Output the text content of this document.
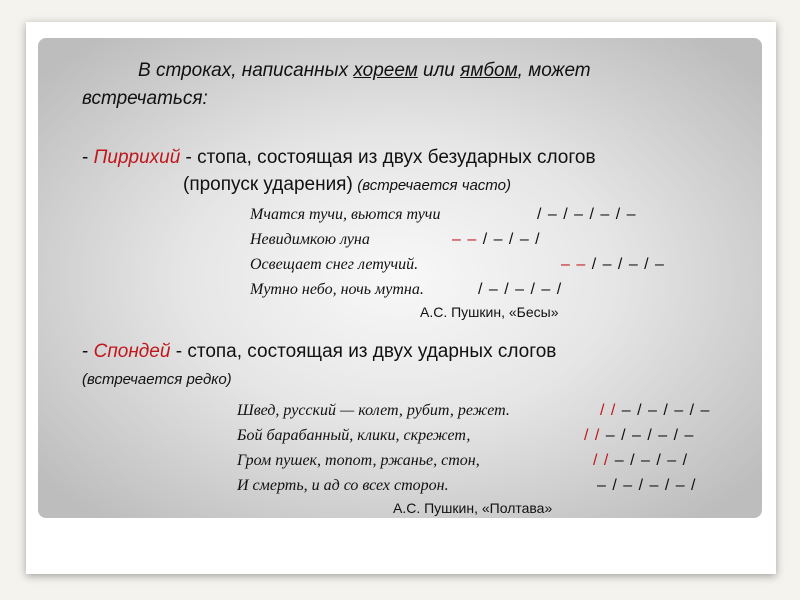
В строках, написанных хореем или ямбом, может
встречаться:
- Пиррихий - стопа, состоящая из двух безударных слогов
(пропуск ударения) (встречается часто)
Мчатся тучи, вьются тучи	/ – / – / – / –
Невидимкою луна	– – / – / – /
Освещает снег летучий.	– – / – / – / –
Мутно небо, ночь мутна.	/ – / – / – /
А.С. Пушкин, «Бесы»
- Спондей - стопа, состоящая из двух ударных слогов
(встречается редко)
Швед, русский — колет, рубит, режет.	/ / – / – / – / –
Бой барабанный, клики, скрежет,	/ / – / – / – / –
Гром пушек, топот, ржанье, стон,	/ / – / – / – /
И смерть, и ад со всех сторон.	– / – / – / – /
А.С. Пушкин, «Полтава»
